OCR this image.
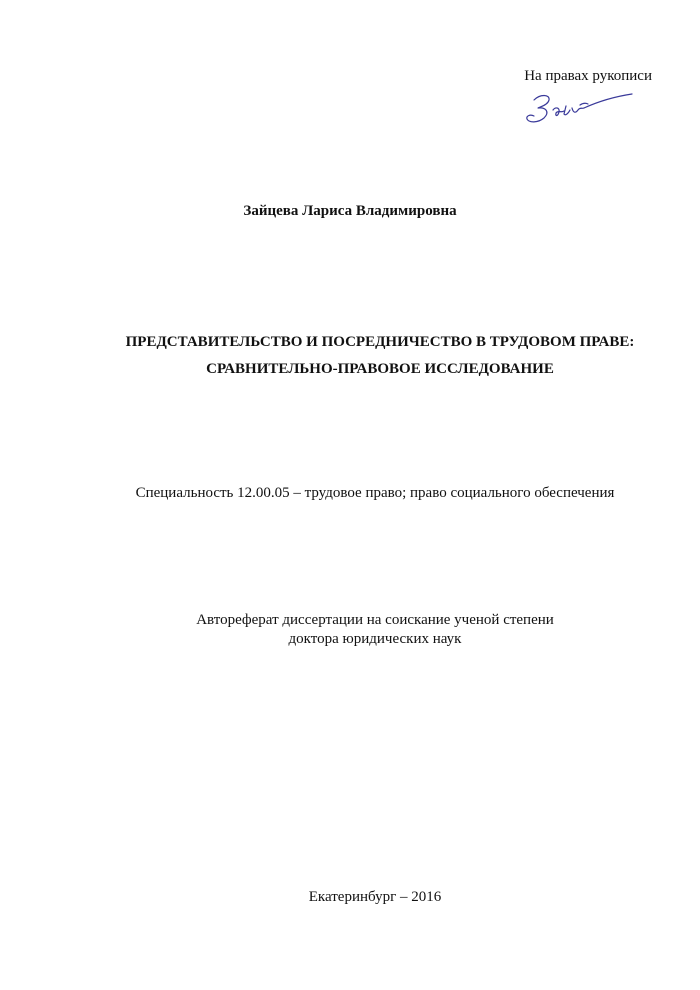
На правах рукописи
Зайцева Лариса Владимировна
ПРЕДСТАВИТЕЛЬСТВО И ПОСРЕДНИЧЕСТВО В ТРУДОВОМ ПРАВЕ:
СРАВНИТЕЛЬНО-ПРАВОВОЕ ИССЛЕДОВАНИЕ
Специальность 12.00.05 – трудовое право; право социального обеспечения
Автореферат диссертации на соискание ученой степени
доктора юридических наук
Екатеринбург – 2016
